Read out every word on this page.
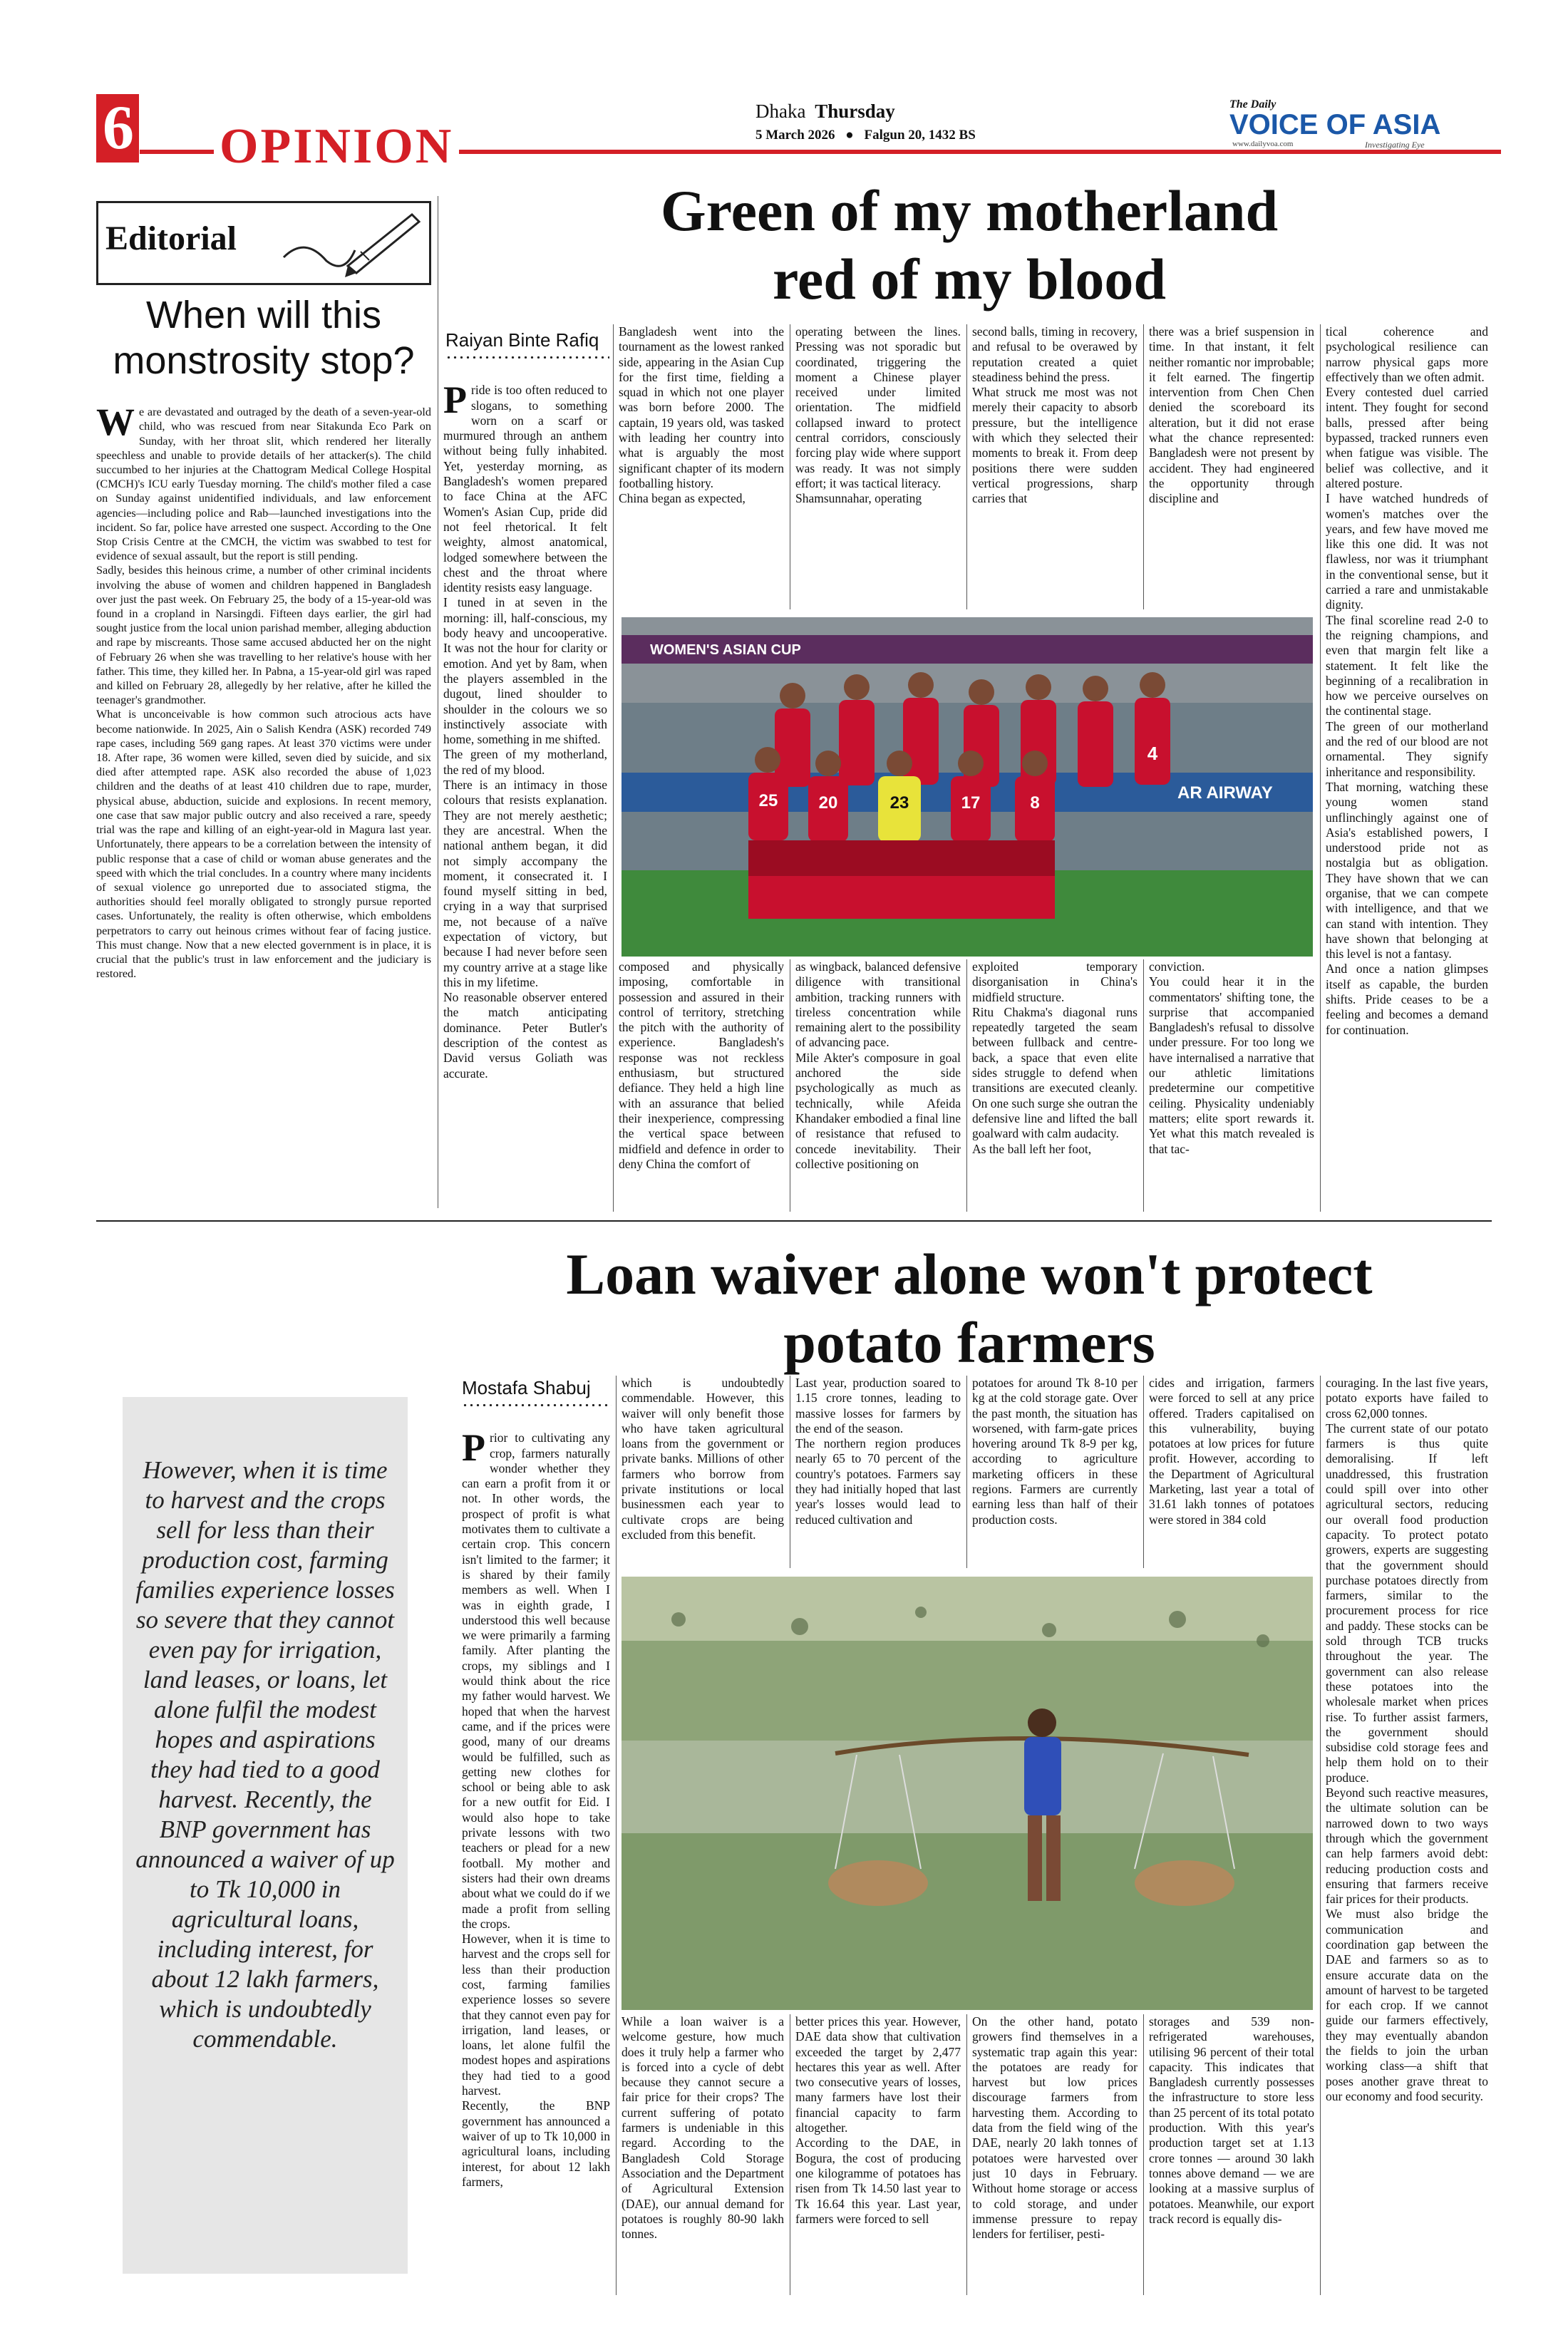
6 OPINION
Dhaka Thursday
5 March 2026 ● Falgun 20, 1432 BS
The Daily
VOICE OF ASIA
www.dailyvoa.com	Investigating Eye
Editorial
When will this monstrosity stop?

We are devastated and outraged by the death of a seven-year-old child, who was rescued from near Sitakunda Eco Park on Sunday, with her throat slit, which rendered her literally speechless and unable to provide details of her attacker(s). The child succumbed to her injuries at the Chattogram Medical College Hospital (CMCH)'s ICU early Tuesday morning. The child's mother filed a case on Sunday against unidentified individuals, and law enforcement agencies—including police and Rab—launched investigations into the incident. So far, police have arrested one suspect. According to the One Stop Crisis Centre at the CMCH, the victim was swabbed to test for evidence of sexual assault, but the report is still pending.
Sadly, besides this heinous crime, a number of other criminal incidents involving the abuse of women and children happened in Bangladesh over just the past week. On February 25, the body of a 15-year-old was found in a cropland in Narsingdi. Fifteen days earlier, the girl had sought justice from the local union parishad member, alleging abduction and rape by miscreants. Those same accused abducted her on the night of February 26 when she was travelling to her relative's house with her father. This time, they killed her. In Pabna, a 15-year-old girl was raped and killed on February 28, allegedly by her relative, after he killed the teenager's grandmother.
What is unconceivable is how common such atrocious acts have become nationwide. In 2025, Ain o Salish Kendra (ASK) recorded 749 rape cases, including 569 gang rapes. At least 370 victims were under 18. After rape, 36 women were killed, seven died by suicide, and six died after attempted rape. ASK also recorded the abuse of 1,023 children and the deaths of at least 410 children due to rape, murder, physical abuse, abduction, suicide and explosions. In recent memory, one case that saw major public outcry and also received a rare, speedy trial was the rape and killing of an eight-year-old in Magura last year. Unfortunately, there appears to be a correlation between the intensity of public response that a case of child or woman abuse generates and the speed with which the trial concludes. In a country where many incidents of sexual violence go unreported due to associated stigma, the authorities should feel morally obligated to strongly pursue reported cases. Unfortunately, the reality is often otherwise, which emboldens perpetrators to carry out heinous crimes without fear of facing justice. This must change. Now that a new elected government is in place, it is crucial that the public's trust in law enforcement and the judiciary is restored.

Green of my motherland
red of my blood
Raiyan Binte Rafiq

Pride is too often reduced to slogans, to something worn on a scarf or murmured through an anthem without being fully inhabited. Yet, yesterday morning, as Bangladesh's women prepared to face China at the AFC Women's Asian Cup, pride did not feel rhetorical. It felt weighty, almost anatomical, lodged somewhere between the chest and the throat where identity resists easy language.
I tuned in at seven in the morning: ill, half-conscious, my body heavy and uncooperative. It was not the hour for clarity or emotion. And yet by 8am, when the players assembled in the dugout, lined shoulder to shoulder in the colours we so instinctively associate with home, something in me shifted.
The green of my motherland, the red of my blood.
There is an intimacy in those colours that resists explanation. They are not merely aesthetic; they are ancestral. When the national anthem began, it did not simply accompany the moment, it consecrated it. I found myself sitting in bed, crying in a way that surprised me, not because of a naïve expectation of victory, but because I had never before seen my country arrive at a stage like this in my lifetime.
No reasonable observer entered the match anticipating dominance. Peter Butler's description of the contest as David versus Goliath was accurate.

Bangladesh went into the tournament as the lowest ranked side, appearing in the Asian Cup for the first time, fielding a squad in which not one player was born before 2000. The captain, 19 years old, was tasked with leading her country into what is arguably the most significant chapter of its modern footballing history.
China began as expected,
operating between the lines. Pressing was not sporadic but coordinated, triggering the moment a Chinese player received under limited orientation. The midfield collapsed inward to protect central corridors, consciously forcing play wide where support was ready. It was not simply effort; it was tactical literacy.
Shamsunnahar, operating
second balls, timing in recovery, and refusal to be overawed by reputation created a quiet steadiness behind the press.
What struck me most was not merely their capacity to absorb pressure, but the intelligence with which they selected their moments to break it. From deep positions there were sudden vertical progressions, sharp carries that
there was a brief suspension in time. In that instant, it felt neither romantic nor improbable; it felt earned. The fingertip intervention from Chen Chen denied the scoreboard its alteration, but it did not erase what the chance represented: Bangladesh were not present by accident. They had engineered the opportunity through discipline and
tical coherence and psychological resilience can narrow physical gaps more effectively than we often admit.
Every contested duel carried intent. They fought for second balls, pressed after being bypassed, tracked runners even when fatigue was visible. The belief was collective, and it altered posture.
I have watched hundreds of women's matches over the years, and few have moved me like this one did. It was not flawless, nor was it triumphant in the conventional sense, but it carried a rare and unmistakable dignity.
The final scoreline read 2-0 to the reigning champions, and even that margin felt like a statement. It felt like the beginning of a recalibration in how we perceive ourselves on the continental stage.
The green of our motherland and the red of our blood are not ornamental. They signify inheritance and responsibility.
That morning, watching these young women stand unflinchingly against one of Asia's established powers, I understood pride not as nostalgia but as obligation. They have shown that we can organise, that we can compete with intelligence, and that we can stand with intention. They have shown that belonging at this level is not a fantasy.
And once a nation glimpses itself as capable, the burden shifts. Pride ceases to be a feeling and becomes a demand for continuation.
WOMEN'S ASIAN CUP
AR AIRWAY
25 20	23	17	8
4
composed and physically imposing, comfortable in possession and assured in their control of territory, stretching the pitch with the authority of experience. Bangladesh's response was not reckless enthusiasm, but structured defiance. They held a high line with an assurance that belied their inexperience, compressing the vertical space between midfield and defence in order to deny China the comfort of
as wingback, balanced defensive diligence with transitional ambition, tracking runners with tireless concentration while remaining alert to the possibility of advancing pace.
Mile Akter's composure in goal anchored the side psychologically as much as technically, while Afeida Khandaker embodied a final line of resistance that refused to concede inevitability. Their collective positioning on
exploited temporary disorganisation in China's midfield structure.
Ritu Chakma's diagonal runs repeatedly targeted the seam between fullback and centre-back, a space that even elite sides struggle to defend when transitions are executed cleanly. On one such surge she outran the defensive line and lifted the ball goalward with calm audacity.
As the ball left her foot,
conviction.
You could hear it in the commentators' shifting tone, the surprise that accompanied Bangladesh's refusal to dissolve under pressure. For too long we have internalised a narrative that our athletic limitations predetermine our competitive ceiling. Physicality undeniably matters; elite sport rewards it. Yet what this match revealed is that tac-
Loan waiver alone won't protect
potato farmers
However, when it is time to harvest and the crops sell for less than their production cost, farming families experience losses so severe that they cannot even pay for irrigation, land leases, or loans, let alone fulfil the modest hopes and aspirations they had tied to a good harvest. Recently, the BNP government has announced a waiver of up to Tk 10,000 in agricultural loans, including interest, for about 12 lakh farmers, which is undoubtedly commendable.
Mostafa Shabuj

Prior to cultivating any crop, farmers naturally wonder whether they can earn a profit from it or not. In other words, the prospect of profit is what motivates them to cultivate a certain crop. This concern isn't limited to the farmer; it is shared by their family members as well. When I was in eighth grade, I understood this well because we were primarily a farming family. After planting the crops, my siblings and I would think about the rice my father would harvest. We hoped that when the harvest came, and if the prices were good, many of our dreams would be fulfilled, such as getting new clothes for school or being able to ask for a new outfit for Eid. I would also hope to take private lessons with two teachers or plead for a new football. My mother and sisters had their own dreams about what we could do if we made a profit from selling the crops.
However, when it is time to harvest and the crops sell for less than their production cost, farming families experience losses so severe that they cannot even pay for irrigation, land leases, or loans, let alone fulfil the modest hopes and aspirations they had tied to a good harvest.
Recently, the BNP government has announced a waiver of up to Tk 10,000 in agricultural loans, including interest, for about 12 lakh farmers,

which is undoubtedly commendable. However, this waiver will only benefit those who have taken agricultural loans from the government or private banks. Millions of other farmers who borrow from private institutions or local businessmen each year to cultivate crops are being excluded from this benefit.
Last year, production soared to 1.15 crore tonnes, leading to massive losses for farmers by the end of the season.
The northern region produces nearly 65 to 70 percent of the country's potatoes. Farmers say they had initially hoped that last year's losses would lead to reduced cultivation and
potatoes for around Tk 8-10 per kg at the cold storage gate. Over the past month, the situation has worsened, with farm-gate prices hovering around Tk 8-9 per kg, according to agriculture marketing officers in these regions. Farmers are currently earning less than half of their production costs.
cides and irrigation, farmers were forced to sell at any price offered. Traders capitalised on this vulnerability, buying potatoes at low prices for future profit. However, according to the Department of Agricultural Marketing, last year a total of 31.61 lakh tonnes of potatoes were stored in 384 cold
couraging. In the last five years, potato exports have failed to cross 62,000 tonnes.
The current state of our potato farmers is thus quite demoralising. If left unaddressed, this frustration could spill over into other agricultural sectors, reducing our overall food production capacity. To protect potato growers, experts are suggesting that the government should purchase potatoes directly from farmers, similar to the procurement process for rice and paddy. These stocks can be sold through TCB trucks throughout the year. The government can also release these potatoes into the wholesale market when prices rise. To further assist farmers, the government should subsidise cold storage fees and help them hold on to their produce.
Beyond such reactive measures, the ultimate solution can be narrowed down to two ways through which the government can help farmers avoid debt: reducing production costs and ensuring that farmers receive fair prices for their products.
We must also bridge the communication and coordination gap between the DAE and farmers so as to ensure accurate data on the amount of harvest to be targeted for each crop. If we cannot guide our farmers effectively, they may eventually abandon the fields to join the urban working class—a shift that poses another grave threat to our economy and food security.
While a loan waiver is a welcome gesture, how much does it truly help a farmer who is forced into a cycle of debt because they cannot secure a fair price for their crops? The current suffering of potato farmers is undeniable in this regard. According to the Bangladesh Cold Storage Association and the Department of Agricultural Extension (DAE), our annual demand for potatoes is roughly 80-90 lakh tonnes.
better prices this year. However, DAE data show that cultivation exceeded the target by 2,477 hectares this year as well. After two consecutive years of losses, many farmers have lost their financial capacity to farm altogether.
According to the DAE, in Bogura, the cost of producing one kilogramme of potatoes has risen from Tk 14.50 last year to Tk 16.64 this year. Last year, farmers were forced to sell
On the other hand, potato growers find themselves in a systematic trap again this year: the potatoes are ready for harvest but low prices discourage farmers from harvesting them. According to data from the field wing of the DAE, nearly 20 lakh tonnes of potatoes were harvested over just 10 days in February. Without home storage or access to cold storage, and under immense pressure to repay lenders for fertiliser, pesti-
storages and 539 non-refrigerated warehouses, utilising 96 percent of their total capacity. This indicates that Bangladesh currently possesses the infrastructure to store less than 25 percent of its total potato production. With this year's production target set at 1.13 crore tonnes — around 30 lakh tonnes above demand — we are looking at a massive surplus of potatoes. Meanwhile, our export track record is equally dis-
